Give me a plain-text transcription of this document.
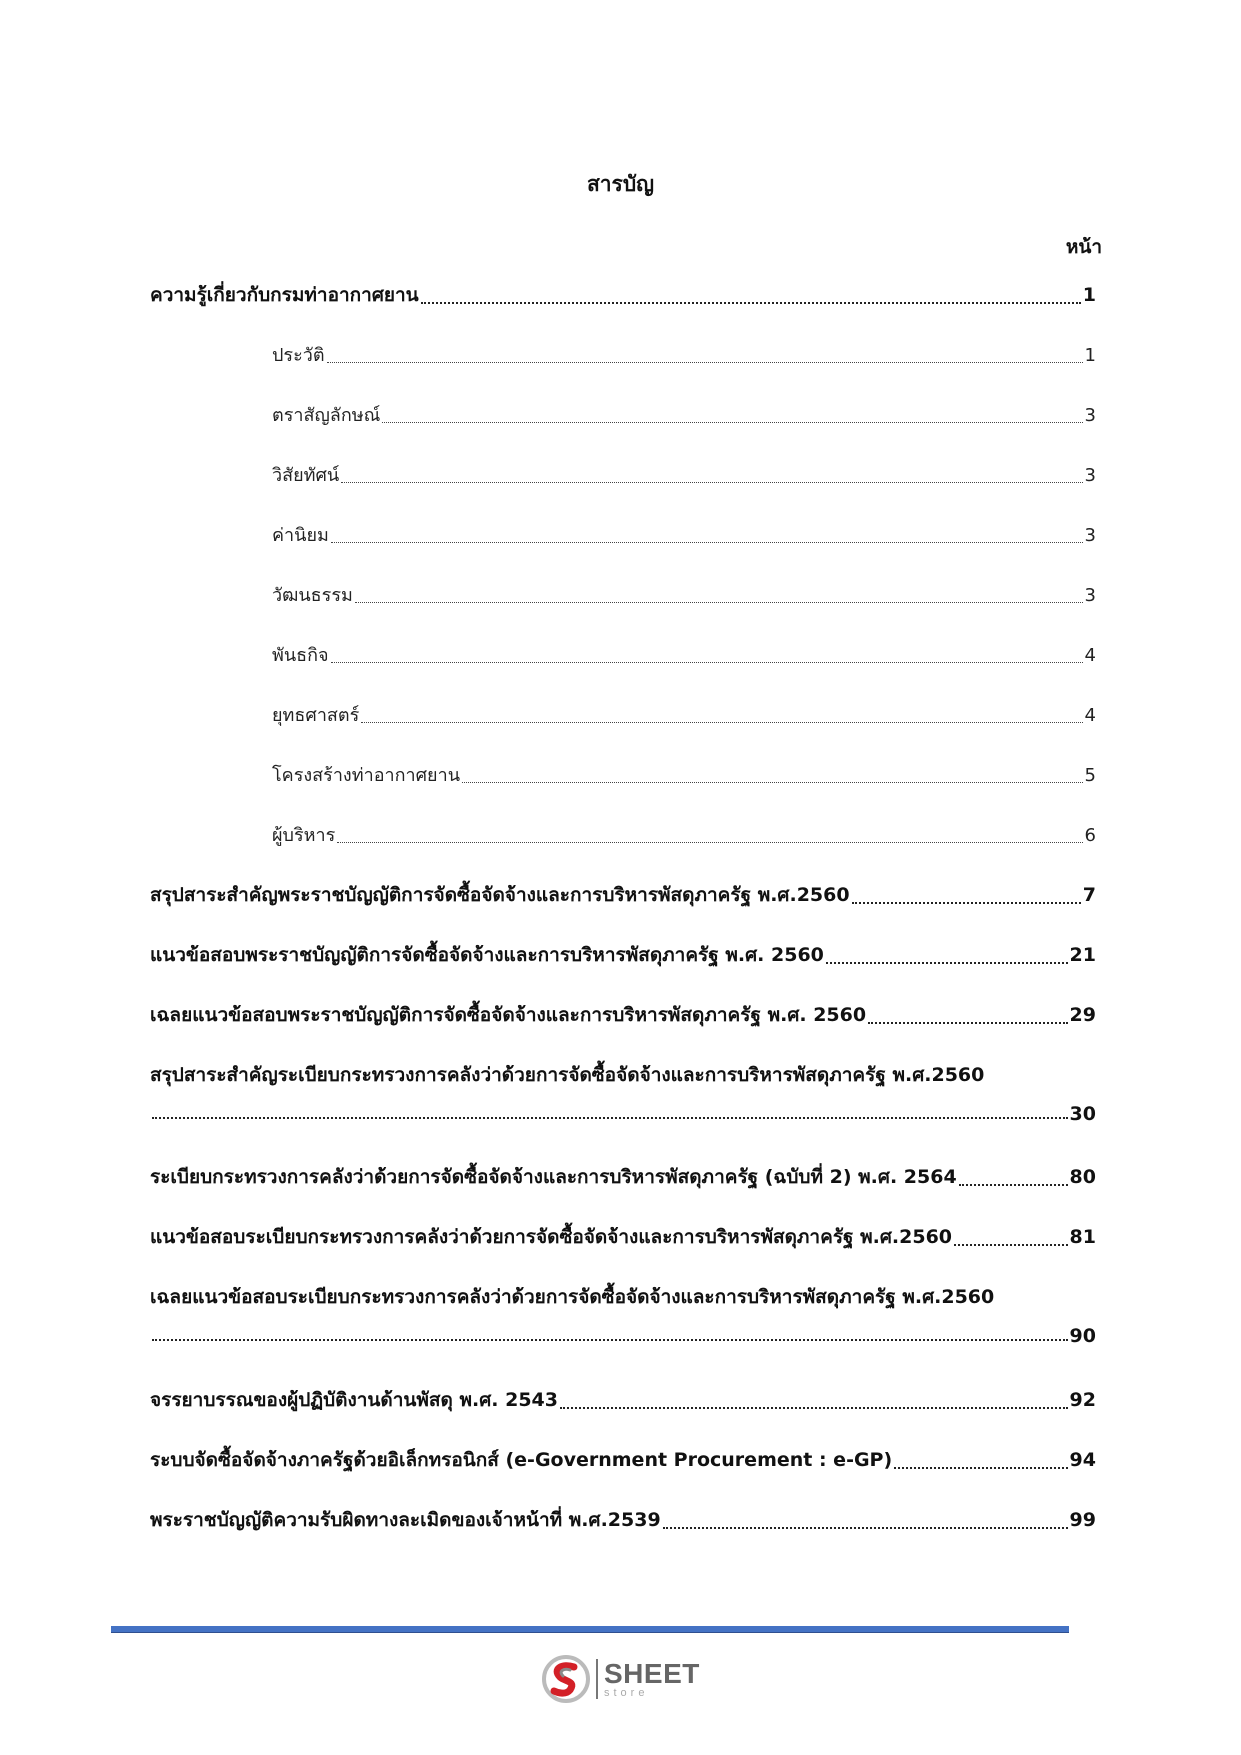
สารบัญ
หน้า
ความรู้เกี่ยวกับกรมท่าอากาศยาน	1
ประวัติ	1
ตราสัญลักษณ์	3
วิสัยทัศน์	3
ค่านิยม	3
วัฒนธรรม	3
พันธกิจ	4
ยุทธศาสตร์	4
โครงสร้างท่าอากาศยาน	5
ผู้บริหาร	6
สรุปสาระสำคัญพระราชบัญญัติการจัดซื้อจัดจ้างและการบริหารพัสดุภาครัฐ พ.ศ.2560	7
แนวข้อสอบพระราชบัญญัติการจัดซื้อจัดจ้างและการบริหารพัสดุภาครัฐ พ.ศ. 2560	21
เฉลยแนวข้อสอบพระราชบัญญัติการจัดซื้อจัดจ้างและการบริหารพัสดุภาครัฐ พ.ศ. 2560	29
สรุปสาระสำคัญระเบียบกระทรวงการคลังว่าด้วยการจัดซื้อจัดจ้างและการบริหารพัสดุภาครัฐ พ.ศ.2560
30
ระเบียบกระทรวงการคลังว่าด้วยการจัดซื้อจัดจ้างและการบริหารพัสดุภาครัฐ (ฉบับที่ 2) พ.ศ. 2564	80
แนวข้อสอบระเบียบกระทรวงการคลังว่าด้วยการจัดซื้อจัดจ้างและการบริหารพัสดุภาครัฐ พ.ศ.2560	81
เฉลยแนวข้อสอบระเบียบกระทรวงการคลังว่าด้วยการจัดซื้อจัดจ้างและการบริหารพัสดุภาครัฐ พ.ศ.2560
90
จรรยาบรรณของผู้ปฏิบัติงานด้านพัสดุ พ.ศ. 2543	92
ระบบจัดซื้อจัดจ้างภาครัฐด้วยอิเล็กทรอนิกส์ (e-Government Procurement : e-GP)	94
พระราชบัญญัติความรับผิดทางละเมิดของเจ้าหน้าที่ พ.ศ.2539	99
SHEET
store
